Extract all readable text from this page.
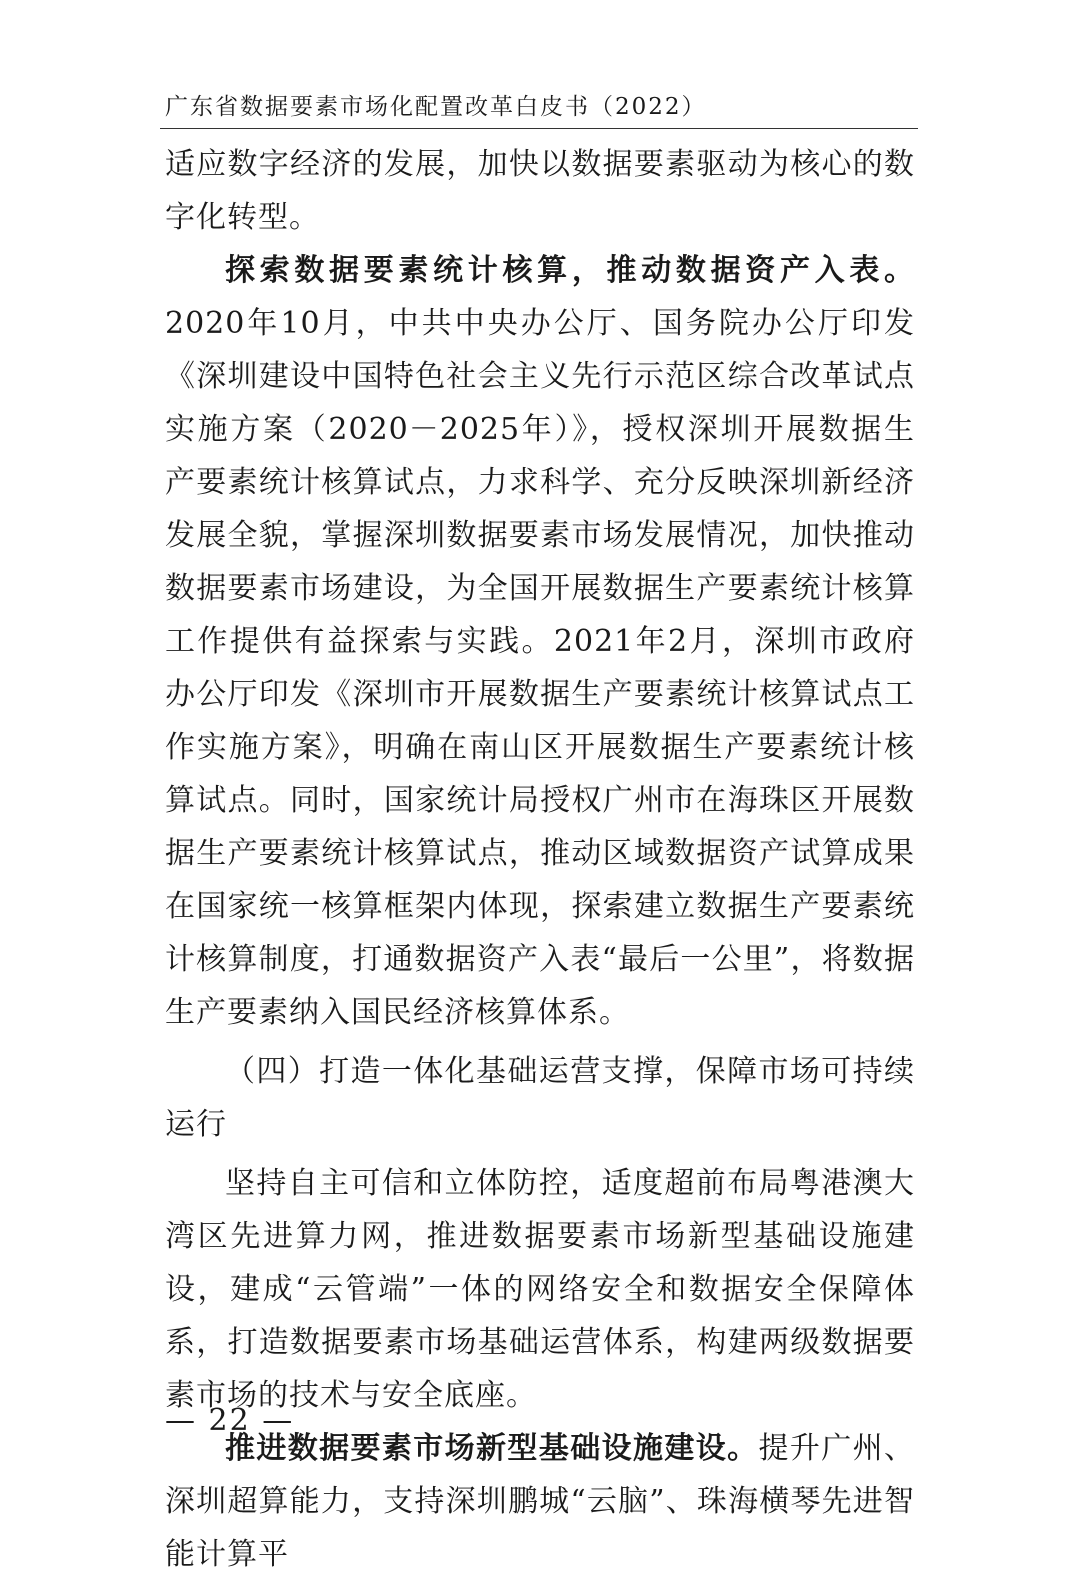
广东省数据要素市场化配置改革白皮书（2022）

适应数字经济的发展，加快以数据要素驱动为核心的数字化转型。

探索数据要素统计核算，推动数据资产入表。2020年10月，中共中央办公厅、国务院办公厅印发《深圳建设中国特色社会主义先行示范区综合改革试点实施方案（2020－2025年）》，授权深圳开展数据生产要素统计核算试点，力求科学、充分反映深圳新经济发展全貌，掌握深圳数据要素市场发展情况，加快推动数据要素市场建设，为全国开展数据生产要素统计核算工作提供有益探索与实践。2021年2月，深圳市政府办公厅印发《深圳市开展数据生产要素统计核算试点工作实施方案》，明确在南山区开展数据生产要素统计核算试点。同时，国家统计局授权广州市在海珠区开展数据生产要素统计核算试点，推动区域数据资产试算成果在国家统一核算框架内体现，探索建立数据生产要素统计核算制度，打通数据资产入表“最后一公里”，将数据生产要素纳入国民经济核算体系。

（四）打造一体化基础运营支撑，保障市场可持续运行

坚持自主可信和立体防控，适度超前布局粤港澳大湾区先进算力网，推进数据要素市场新型基础设施建设，建成“云管端”一体的网络安全和数据安全保障体系，打造数据要素市场基础运营体系，构建两级数据要素市场的技术与安全底座。

推进数据要素市场新型基础设施建设。提升广州、深圳超算能力，支持深圳鹏城“云脑”、珠海横琴先进智能计算平

— 22 —
